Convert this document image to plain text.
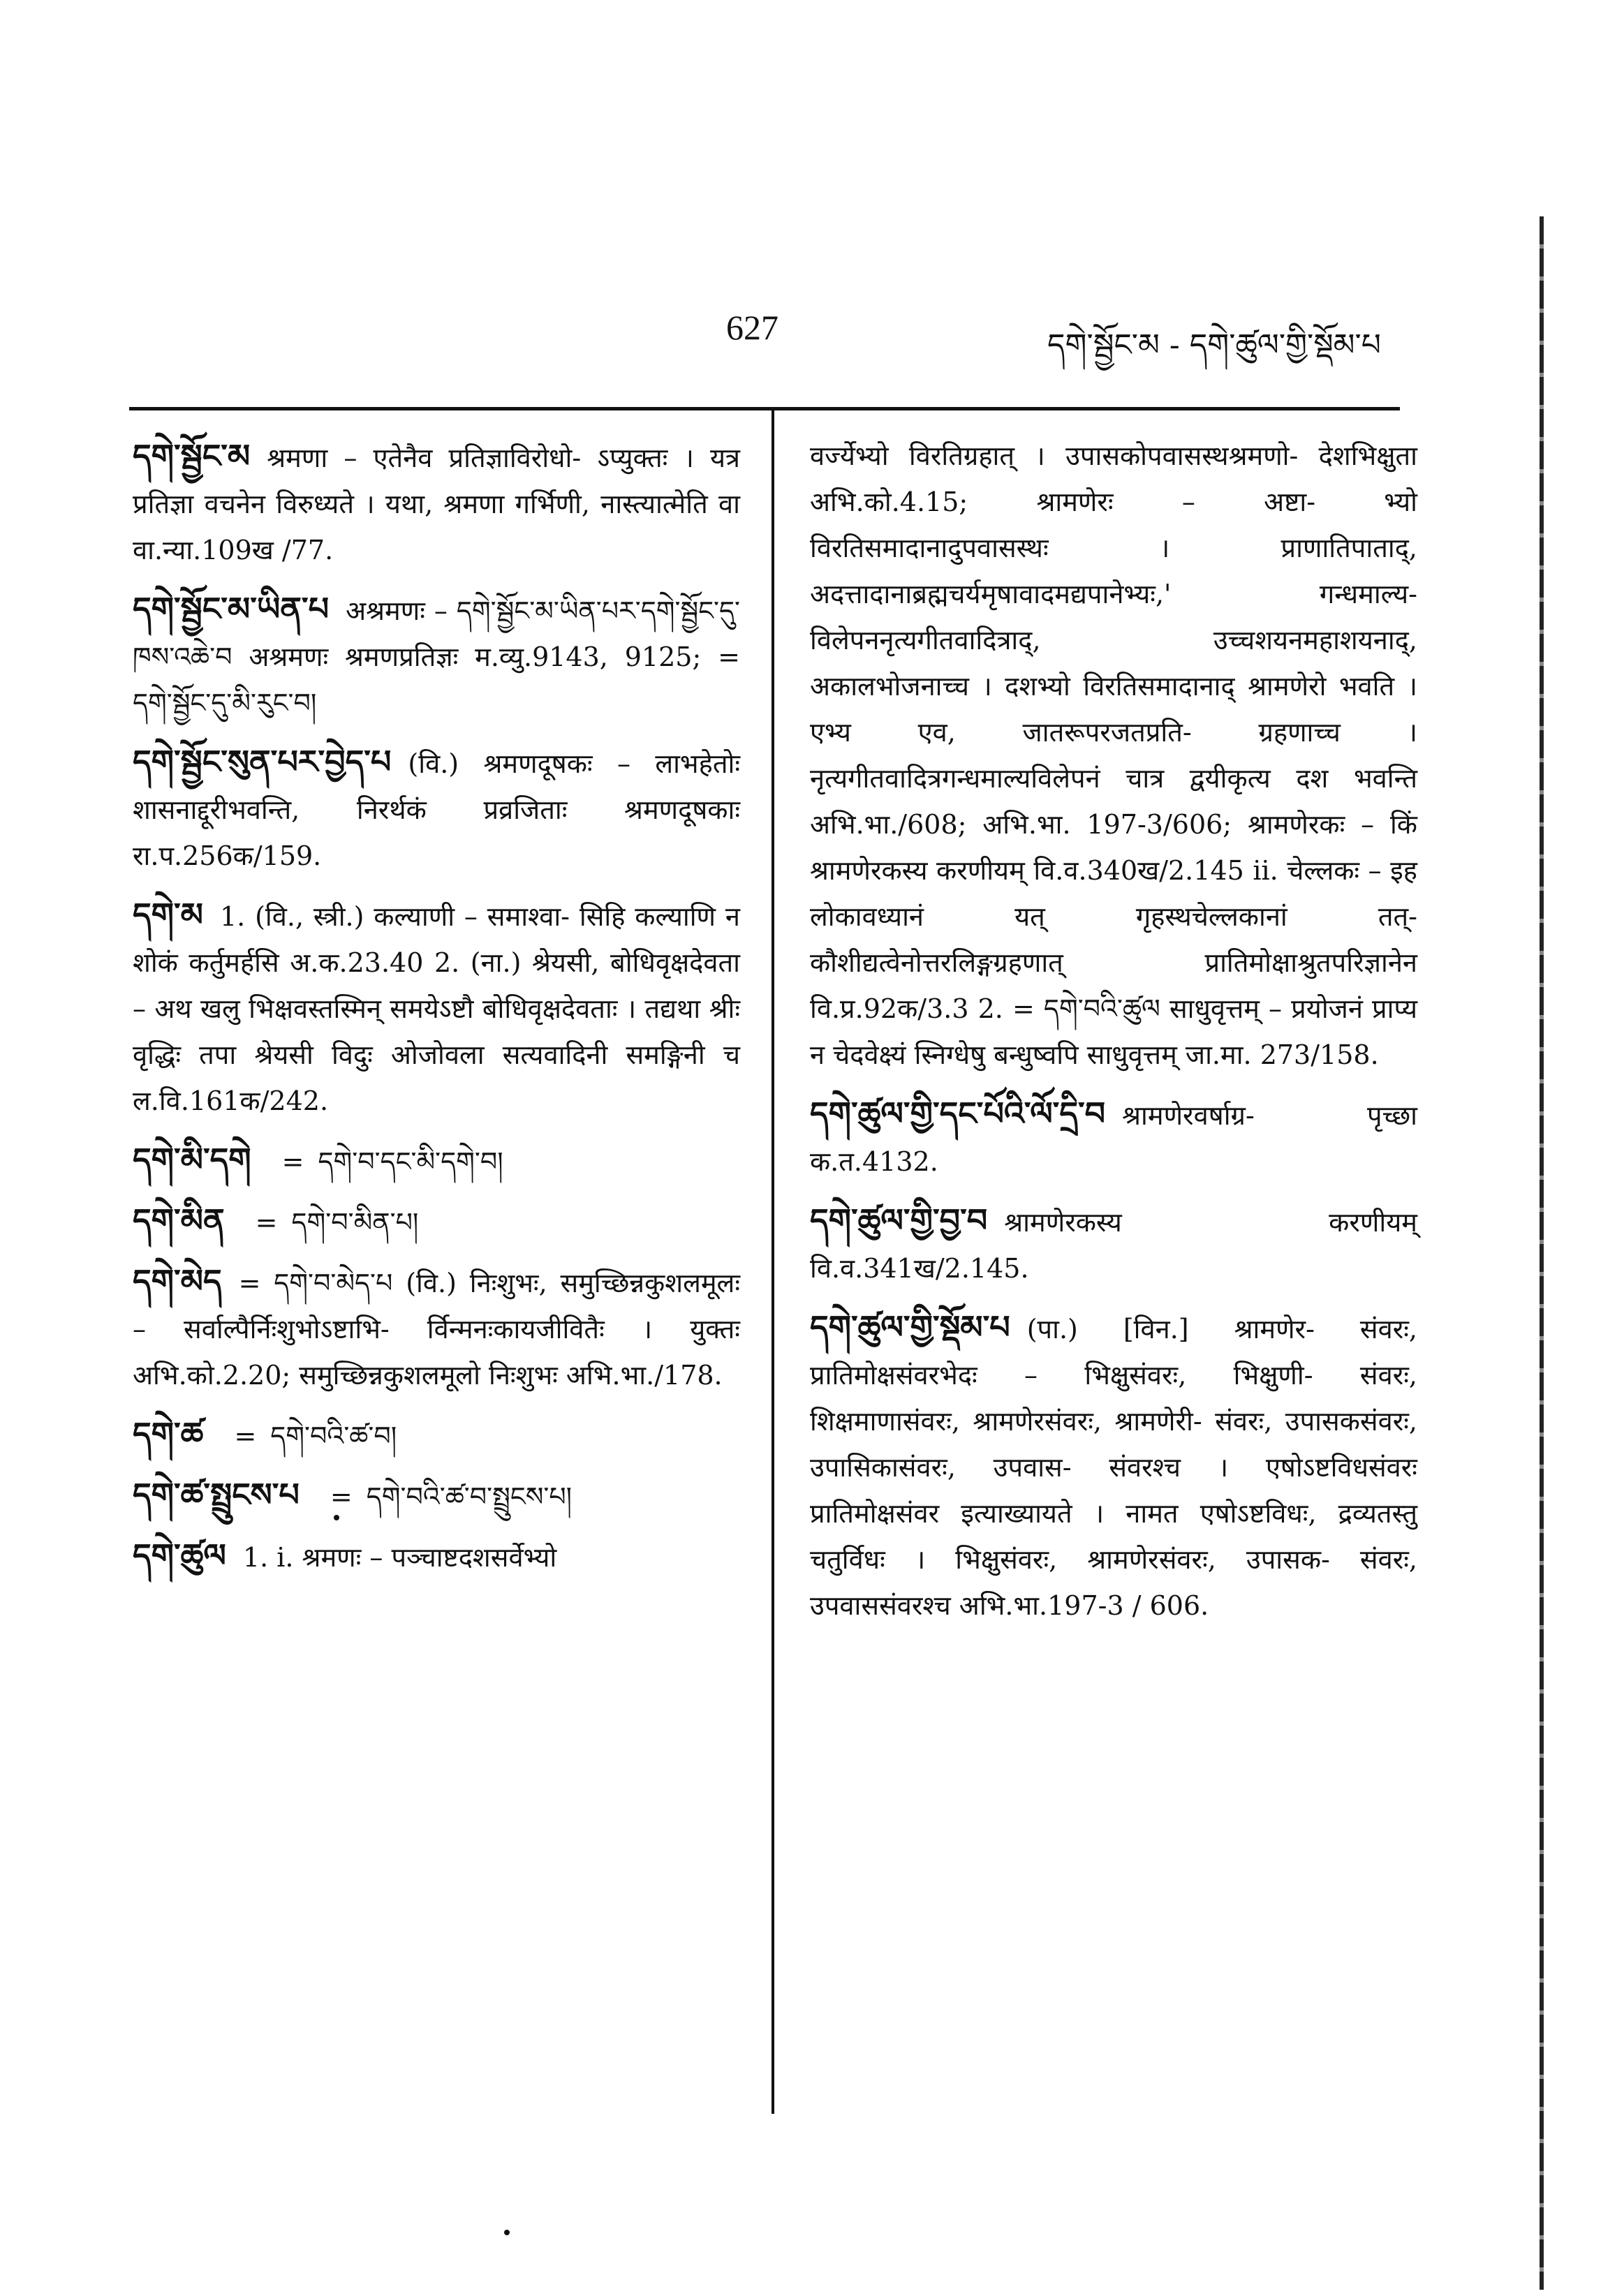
627	དགེ་སྦྱོང་མ - དགེ་ཚུལ་གྱི་སྡོམ་པ
དགེ་སྦྱོང་མ श्रमणा – एतेनैव प्रतिज्ञाविरोधो- ऽप्युक्तः । यत्र प्रतिज्ञा वचनेन विरुध्यते । यथा, श्रमणा गर्भिणी, नास्त्यात्मेति वा वा.न्या.109ख /77.
དགེ་སྦྱོང་མ་ཡིན་པ अश्रमणः – དགེ་སྦྱོང་མ་ཡིན་པར་དགེ་སྦྱོང་དུ་ཁས་འཆེ་བ अश्रमणः श्रमणप्रतिज्ञः म.व्यु.9143, 9125; = དགེ་སྦྱོང་དུ་མི་རུང་བ།
དགེ་སྦྱོང་སུན་པར་བྱེད་པ (वि.) श्रमणदूषकः – लाभहेतोः शासनाद्दूरीभवन्ति, निरर्थकं प्रव्रजिताः श्रमणदूषकाः रा.प.256क/159.
དགེ་མ 1. (वि., स्त्री.) कल्याणी – समाश्वा- सिहि कल्याणि न शोकं कर्तुमर्हसि अ.क.23.40 2. (ना.) श्रेयसी, बोधिवृक्षदेवता – अथ खलु भिक्षवस्तस्मिन् समयेऽष्टौ बोधिवृक्षदेवताः । तद्यथा श्रीः वृद्धिः तपा श्रेयसी विदुः ओजोवला सत्यवादिनी समङ्गिनी च ल.वि.161क/242.
དགེ་མི་དགེ = དགེ་བ་དང་མི་དགེ་བ།
དགེ་མིན = དགེ་བ་མིན་པ།
དགེ་མེད = དགེ་བ་མེད་པ (वि.) निःशुभः, समुच्छिन्नकुशलमूलः – सर्वाल्पैर्निःशुभोऽष्टाभि- र्विन्मनःकायजीवितैः । युक्तः अभि.को.2.20; समुच्छिन्नकुशलमूलो निःशुभः अभि.भा./178.
དགེ་ཚ = དགེ་བའི་ཚ་བ།
དགེ་ཚ་སྤྲུངས་པ = དགེ་བའི་ཚ་བ་སྤྲུངས་པ།
དགེ་ཚུལ 1. i. श्रमणः – पञ्चाष्टदशसर्वेभ्यो
वर्ज्येभ्यो विरतिग्रहात् । उपासकोपवासस्थश्रमणो- देशभिक्षुता अभि.को.4.15; श्रामणेरः – अष्टा- भ्यो विरतिसमादानादुपवासस्थः । प्राणातिपाताद्, अदत्तादानाब्रह्मचर्यमृषावादमद्यपानेभ्यः,' गन्धमाल्य- विलेपननृत्यगीतवादित्राद्, उच्चशयनमहाशयनाद्, अकालभोजनाच्च । दशभ्यो विरतिसमादानाद् श्रामणेरो भवति । एभ्य एव, जातरूपरजतप्रति- ग्रहणाच्च । नृत्यगीतवादित्रगन्धमाल्यविलेपनं चात्र द्वयीकृत्य दश भवन्ति अभि.भा./608; अभि.भा. 197-3/606; श्रामणेरकः – किं श्रामणेरकस्य करणीयम् वि.व.340ख/2.145 ii. चेल्लकः – इह लोकावध्यानं यत् गृहस्थचेल्लकानां तत्- कौशीद्यत्वेनोत्तरलिङ्गग्रहणात् प्रातिमोक्षाश्रुतपरिज्ञानेन वि.प्र.92क/3.3 2. = དགེ་བའི་ཚུལ साधुवृत्तम् – प्रयोजनं प्राप्य न चेदवेक्ष्यं स्निग्धेषु बन्धुष्वपि साधुवृत्तम् जा.मा. 273/158.
དགེ་ཚུལ་གྱི་དང་པོའི་ལོ་དྲི་བ श्रामणेरवर्षाग्र- पृच्छा क.त.4132.
དགེ་ཚུལ་གྱི་བྱ་བ श्रामणेरकस्य करणीयम् वि.व.341ख/2.145.
དགེ་ཚུལ་གྱི་སྡོམ་པ (पा.) [विन.] श्रामणेर- संवरः, प्रातिमोक्षसंवरभेदः – भिक्षुसंवरः, भिक्षुणी- संवरः, शिक्षमाणासंवरः, श्रामणेरसंवरः, श्रामणेरी- संवरः, उपासकसंवरः, उपासिकासंवरः, उपवास- संवरश्च । एषोऽष्टविधसंवरः प्रातिमोक्षसंवर इत्याख्यायते । नामत एषोऽष्टविधः, द्रव्यतस्तु चतुर्विधः । भिक्षुसंवरः, श्रामणेरसंवरः, उपासक- संवरः, उपवाससंवरश्च अभि.भा.197-3 / 606.
